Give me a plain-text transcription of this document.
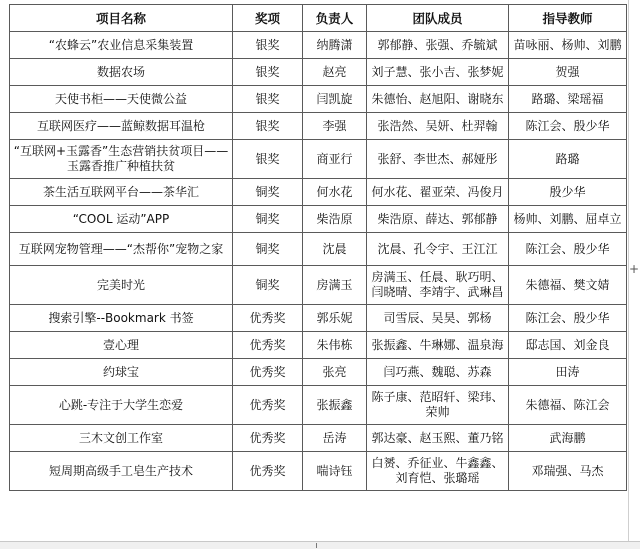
项目名称	奖项	负责人	团队成员	指导教师
“农蜂云”农业信息采集装置	银奖	纳腾潇	郭郁静、张强、乔毓斌	苗咏丽、杨帅、刘鹏
数据农场	银奖	赵亮	刘子慧、张小吉、张梦妮	贺强
天使书柜——天使微公益	银奖	闫凯旋	朱德怡、赵旭阳、谢晓东	路璐、梁瑶福
互联网医疗——蓝鲸数据耳温枪	银奖	李强	张浩然、吴妍、杜羿翰	陈江会、殷少华
“互联网+玉露香”生态营销扶贫项目——玉露香推广种植扶贫	银奖	商亚行	张舒、李世杰、郝娅彤	路璐
茶生活互联网平台——茶华汇	铜奖	何水花	何水花、翟亚荣、冯俊月	殷少华
“COOL 运动”APP	铜奖	柴浩原	柴浩原、薛达、郭郁静	杨帅、刘鹏、屈卓立
互联网宠物管理——“杰帮你”宠物之家	铜奖	沈晨	沈晨、孔令宇、王江江	陈江会、殷少华
完美时光	铜奖	房满玉	房满玉、任晨、耿巧明、闫晓晴、李靖宇、武琳昌	朱德福、樊文婧
搜索引擎--Bookmark 书签	优秀奖	郭乐妮	司雪辰、吴昊、郭杨	陈江会、殷少华
壹心理	优秀奖	朱伟栋	张振鑫、牛琳娜、温泉海	邸志国、刘金良
约球宝	优秀奖	张亮	闫巧燕、魏聪、苏森	田涛
心跳-专注于大学生恋爱	优秀奖	张振鑫	陈子康、范昭轩、梁玮、荣帅	朱德福、陈江会
三木文创工作室	优秀奖	岳涛	郭达豪、赵玉熙、董乃铭	武海鹏
短周期高级手工皂生产技术	优秀奖	喘诗钰	白赟、乔征业、牛鑫鑫、刘育恺、张璐瑶	邓瑞强、马杰
+
